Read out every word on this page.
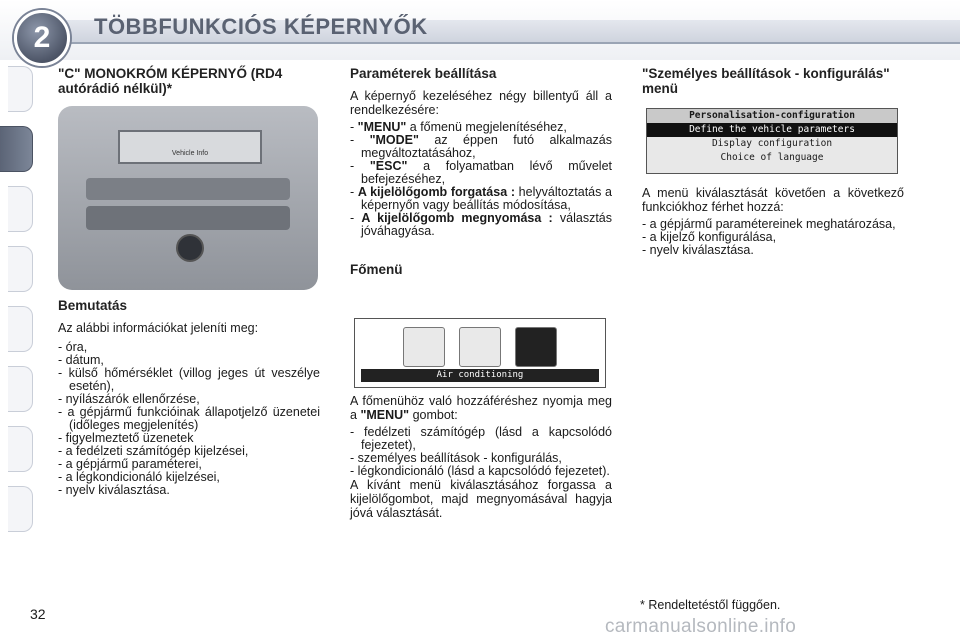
2	TÖBBFUNKCIÓS KÉPERNYŐK

"C" MONOKRÓM KÉPERNYŐ (RD4 autórádió nélkül)*

Vehicle Info

Bemutatás

Az alábbi információkat jeleníti meg:

- óra,
- dátum,
- külső hőmérséklet (villog jeges út veszélye esetén),
- nyílászárók ellenőrzése,
- a gépjármű funkcióinak állapotjelző üzenetei (időleges megjelenítés)
- figyelmeztető üzenetek
- a fedélzeti számítógép kijelzései,
- a gépjármű paraméterei,
- a légkondicionáló kijelzései,
- nyelv kiválasztása.

Paraméterek beállítása

A képernyő kezeléséhez négy billentyű áll a rendelkezésére:

- "MENU" a főmenü megjelenítéséhez,
- "MODE" az éppen futó alkalmazás megváltoztatásához,
- "ESC" a folyamatban lévő művelet befejezéséhez,
- A kijelölőgomb forgatása : helyváltoztatás a képernyőn vagy beállítás módosítása,
- A kijelölőgomb megnyomása : választás jóváhagyása.

Főmenü

Air conditioning

A főmenühöz való hozzáféréshez nyomja meg a "MENU" gombot:

- fedélzeti számítógép (lásd a kapcsolódó fejezetet),
- személyes beállítások - konfigurálás,
- légkondicionáló (lásd a kapcsolódó fejezetet).

A kívánt menü kiválasztásához forgassa a kijelölőgombot, majd megnyomásával hagyja jóvá választását.

"Személyes beállítások - konfigurálás" menü

Personalisation-configuration
Define the vehicle parameters
Display configuration
Choice of language

A menü kiválasztását követően a következő funkciókhoz férhet hozzá:

- a gépjármű paramétereinek meghatározása,
- a kijelző konfigurálása,
- nyelv kiválasztása.
32
* Rendeltetéstől függően.
carmanualsonline.info
